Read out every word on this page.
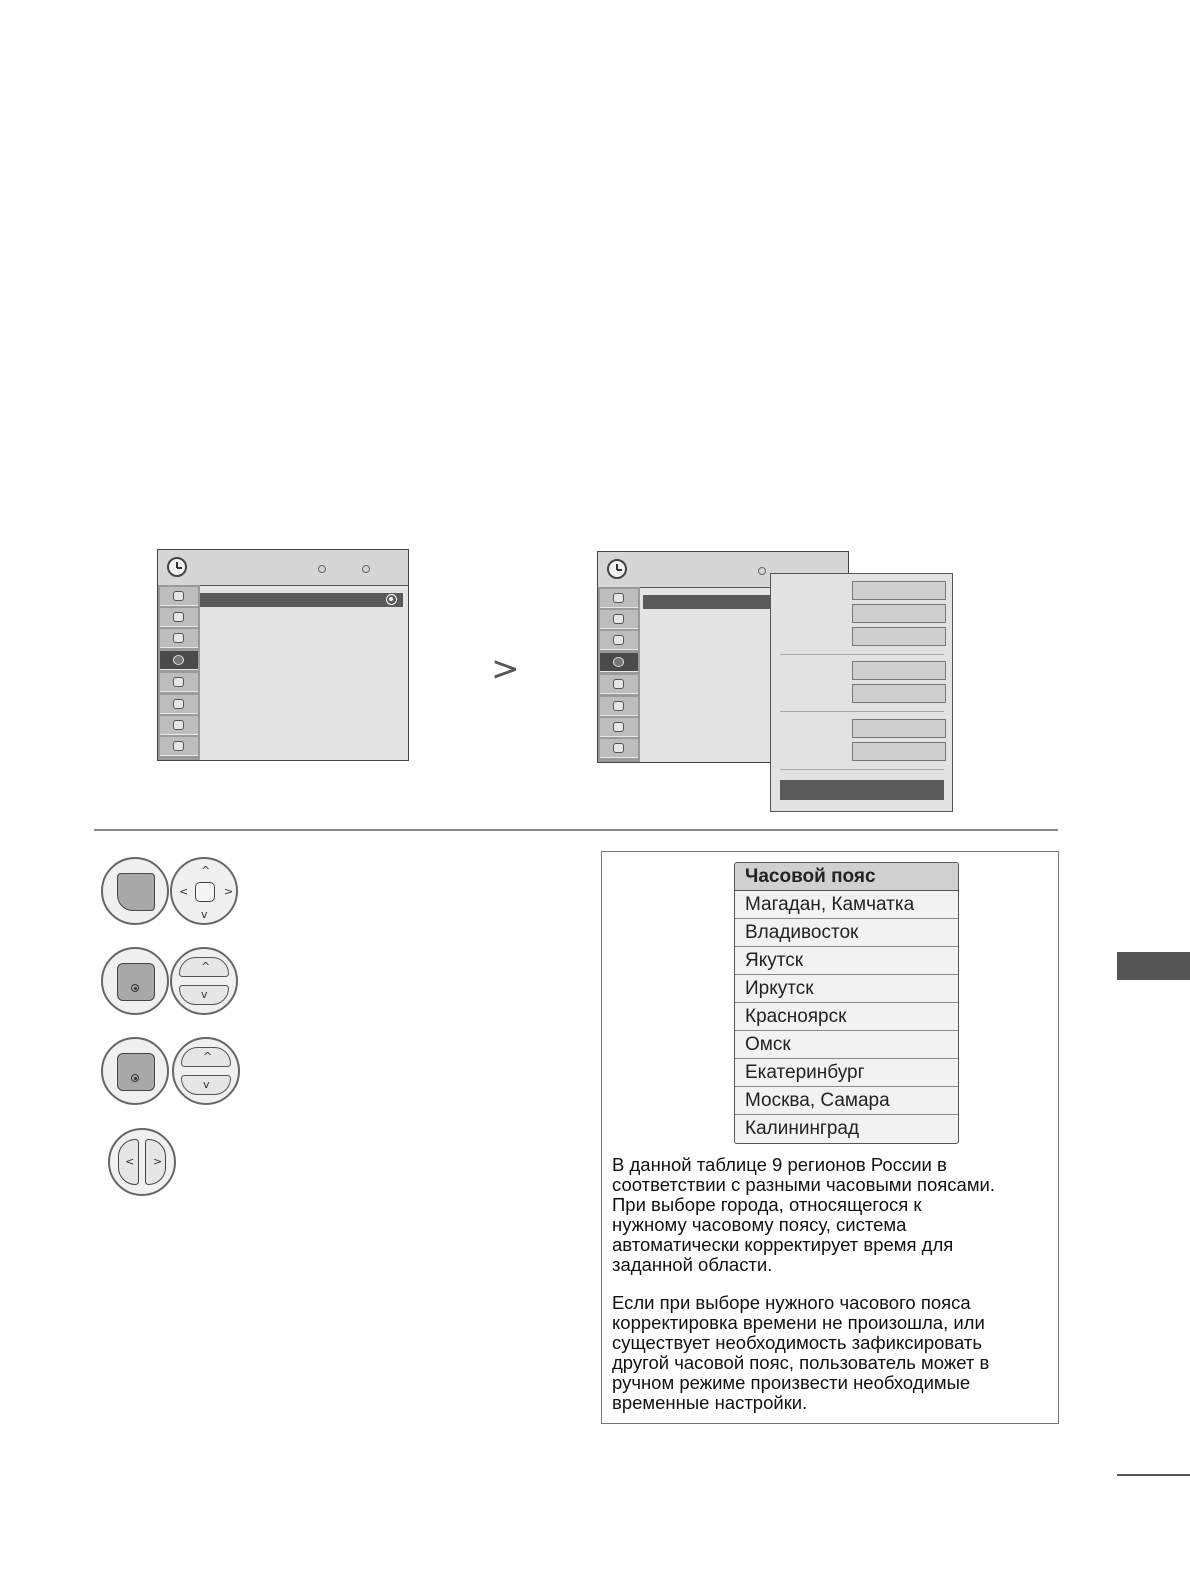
>
^
v
<	>
^
v
^
v
< >
Часовой пояс
Магадан, Камчатка
Владивосток
Якутск
Иркутск
Красноярск
Омск
Екатеринбург
Москва, Самара
Калининград
В данной таблице 9 регионов России в
соответствии с разными часовыми поясами.
При выборе города, относящегося к
нужному часовому поясу, система
автоматически корректирует время для
заданной области.
Если при выборе нужного часового пояса
корректировка времени не произошла, или
существует необходимость зафиксировать
другой часовой пояс, пользователь может в
ручном режиме произвести необходимые
временные настройки.
